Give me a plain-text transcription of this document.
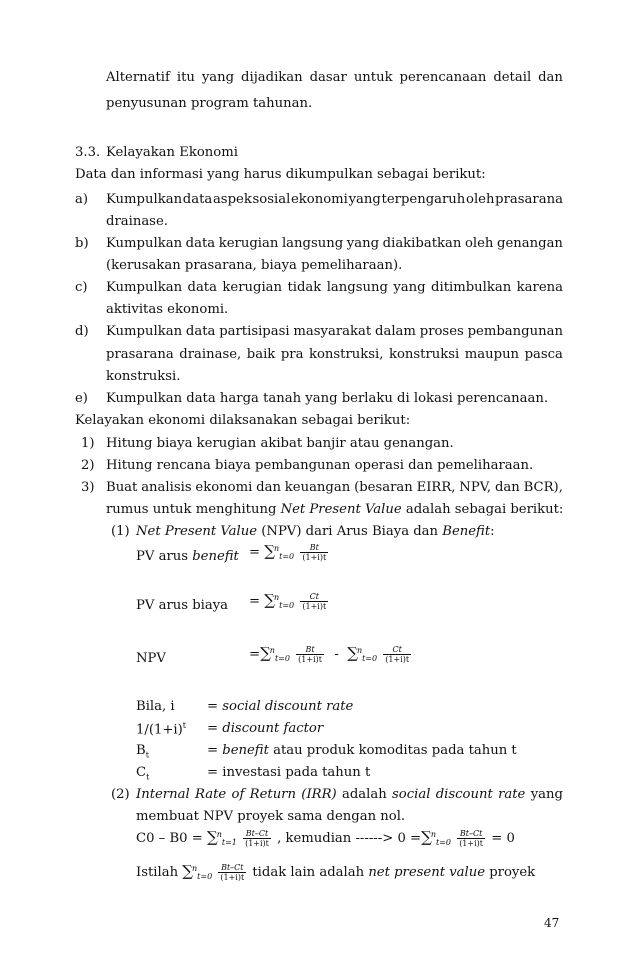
Alternatif itu yang dijadikan dasar untuk perencanaan detail dan
penyusunan program tahunan.
3.3. Kelayakan Ekonomi
Data dan informasi yang harus dikumpulkan sebagai berikut:
a) Kumpulkan data aspek sosial ekonomi yang terpengaruh oleh prasarana
drainase.
b) Kumpulkan data kerugian langsung yang diakibatkan oleh genangan
(kerusakan prasarana, biaya pemeliharaan).
c) Kumpulkan data kerugian tidak langsung yang ditimbulkan karena
aktivitas ekonomi.
d) Kumpulkan data partisipasi masyarakat dalam proses pembangunan
prasarana drainase, baik pra konstruksi, konstruksi maupun pasca
konstruksi.
e) Kumpulkan data harga tanah yang berlaku di lokasi perencanaan.
Kelayakan ekonomi dilaksanakan sebagai berikut:
1) Hitung biaya kerugian akibat banjir atau genangan.
2) Hitung rencana biaya pembangunan operasi dan pemeliharaan.
3) Buat analisis ekonomi dan keuangan (besaran EIRR, NPV, dan BCR),
rumus untuk menghitung Net Present Value adalah sebagai berikut:
(1) Net Present Value (NPV) dari Arus Biaya dan Benefit:
PV arus benefit = $\sum^n_{t=0} \frac{Bt}{(1+i)t}$
PV arus biaya = $\sum^n_{t=0} \frac{Ct}{(1+i)t}$
NPV	$=\sum^n_{t=0} \frac{Bt}{(1+i)t} - \sum^n_{t=0} \frac{Ct}{(1+i)t}$
Bila, i = social discount rate
$1/(1+i)^t$ = discount factor
$B_t$	= benefit atau produk komoditas pada tahun t
$C_t$	= investasi pada tahun t
(2) Internal Rate of Return (IRR) adalah social discount rate yang
membuat NPV proyek sama dengan nol.
$C0 - B0 = \sum^n_{t=1} \frac{Bt-Ct}{(1+i)t}$ , kemudian ------> $0 =\sum^n_{t=0} \frac{Bt-Ct}{(1+i)t} = 0$
Istilah $\sum^n_{t=0} \frac{Bt-Ct}{(1+i)t}$ tidak lain adalah net present value proyek
47
